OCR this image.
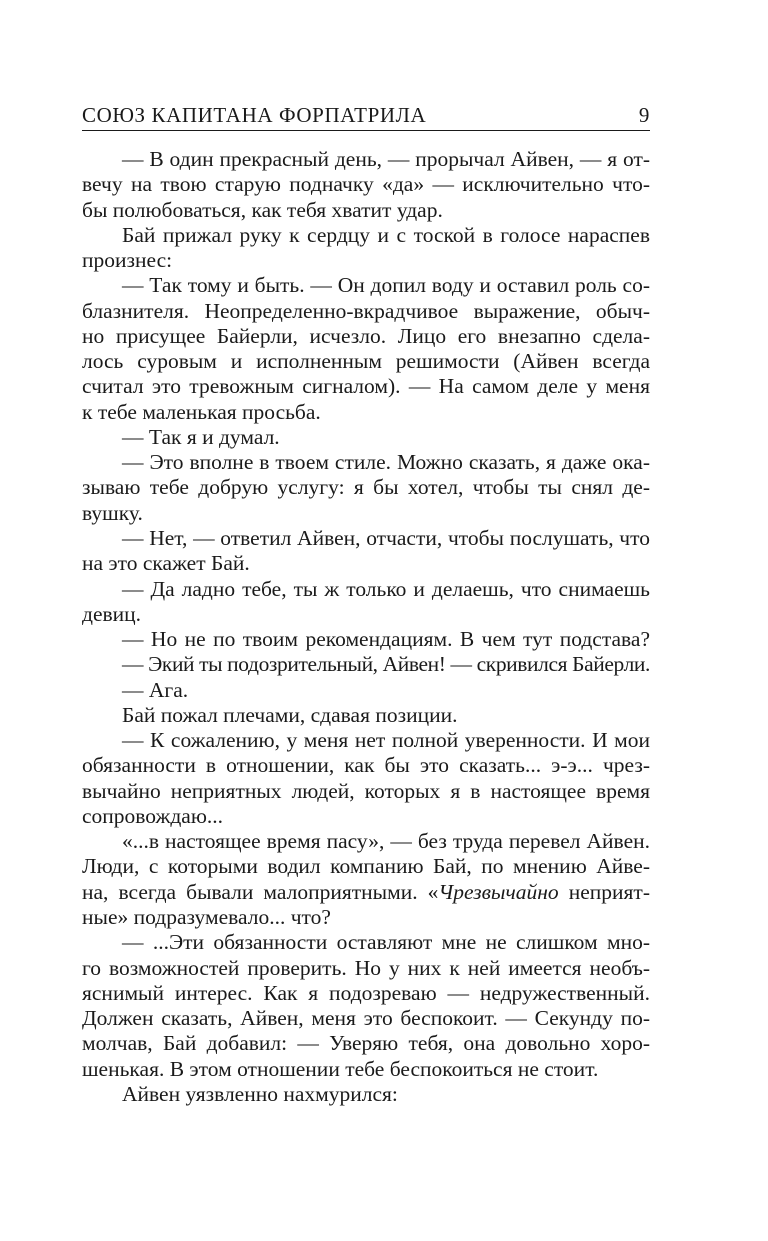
СОЮЗ КАПИТАНА ФОРПАТРИЛА	9
— В один прекрасный день, — прорычал Айвен, — я от-
вечу на твою старую подначку «да» — исключительно что-
бы полюбоваться, как тебя хватит удар.
Бай прижал руку к сердцу и с тоской в голосе нараспев
произнес:
— Так тому и быть. — Он допил воду и оставил роль со-
блазнителя. Неопределенно-вкрадчивое выражение, обыч-
но присущее Байерли, исчезло. Лицо его внезапно сдела-
лось суровым и исполненным решимости (Айвен всегда
считал это тревожным сигналом). — На самом деле у меня
к тебе маленькая просьба.
— Так я и думал.
— Это вполне в твоем стиле. Можно сказать, я даже ока-
зываю тебе добрую услугу: я бы хотел, чтобы ты снял де-
вушку.
— Нет, — ответил Айвен, отчасти, чтобы послушать, что
на это скажет Бай.
— Да ладно тебе, ты ж только и делаешь, что снимаешь
девиц.
— Но не по твоим рекомендациям. В чем тут подстава?
— Экий ты подозрительный, Айвен! — скривился Байерли.
— Ага.
Бай пожал плечами, сдавая позиции.
— К сожалению, у меня нет полной уверенности. И мои
обязанности в отношении, как бы это сказать... э-э... чрез-
вычайно неприятных людей, которых я в настоящее время
сопровождаю...
«...в настоящее время пасу», — без труда перевел Айвен.
Люди, с которыми водил компанию Бай, по мнению Айве-
на, всегда бывали малоприятными. «Чрезвычайно неприят-
ные» подразумевало... что?
— ...Эти обязанности оставляют мне не слишком мно-
го возможностей проверить. Но у них к ней имеется необъ-
яснимый интерес. Как я подозреваю — недружественный.
Должен сказать, Айвен, меня это беспокоит. — Секунду по-
молчав, Бай добавил: — Уверяю тебя, она довольно хоро-
шенькая. В этом отношении тебе беспокоиться не стоит.
Айвен уязвленно нахмурился:
